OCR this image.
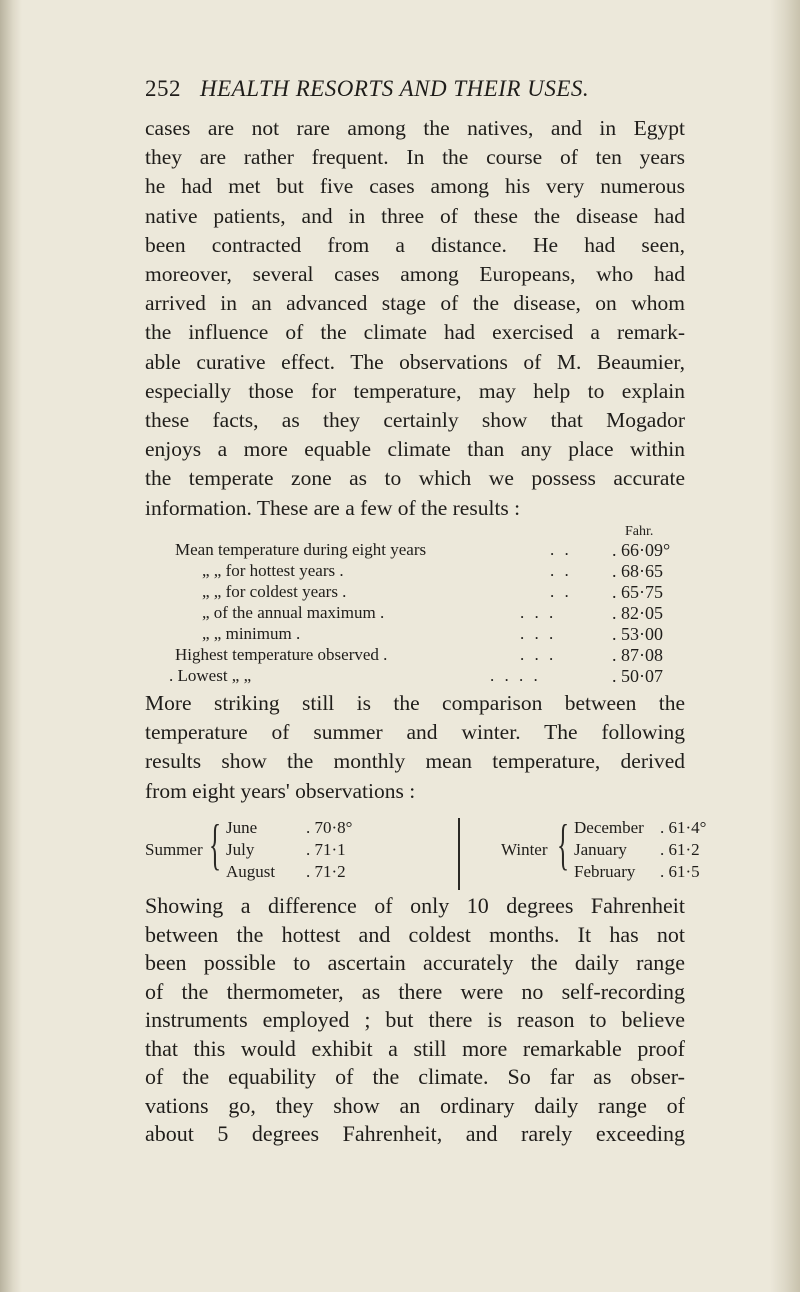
252 HEALTH RESORTS AND THEIR USES.
cases are not rare among the natives, and in Egypt
they are rather frequent. In the course of ten years
he had met but five cases among his very numerous
native patients, and in three of these the disease had
been contracted from a distance. He had seen,
moreover, several cases among Europeans, who had
arrived in an advanced stage of the disease, on whom
the influence of the climate had exercised a remark-
able curative effect. The observations of M. Beaumier,
especially those for temperature, may help to explain
these facts, as they certainly show that Mogador
enjoys a more equable climate than any place within
the temperate zone as to which we possess accurate
information. These are a few of the results :
Fahr.
Mean temperature during eight years	. . . 66·09°
„ „ for hottest years .	. . . 68·65
„ „ for coldest years .	. . . 65·75
„ of the annual maximum .	. . .	. 82·05
„ „ minimum .	. . .	. 53·00
Highest temperature observed .	. . .	. 87·08
. Lowest „ „	. . . .	. 50·07
More striking still is the comparison between the
temperature of summer and winter. The following
results show the monthly mean temperature, derived
from eight years' observations :
Summer { June	. 70·8°
July	. 71·1
August . 71·2
Winter { December . 61·4°
January . 61·2
February . 61·5
Showing a difference of only 10 degrees Fahrenheit
between the hottest and coldest months. It has not
been possible to ascertain accurately the daily range
of the thermometer, as there were no self-recording
instruments employed ; but there is reason to believe
that this would exhibit a still more remarkable proof
of the equability of the climate. So far as obser-
vations go, they show an ordinary daily range of
about 5 degrees Fahrenheit, and rarely exceeding
